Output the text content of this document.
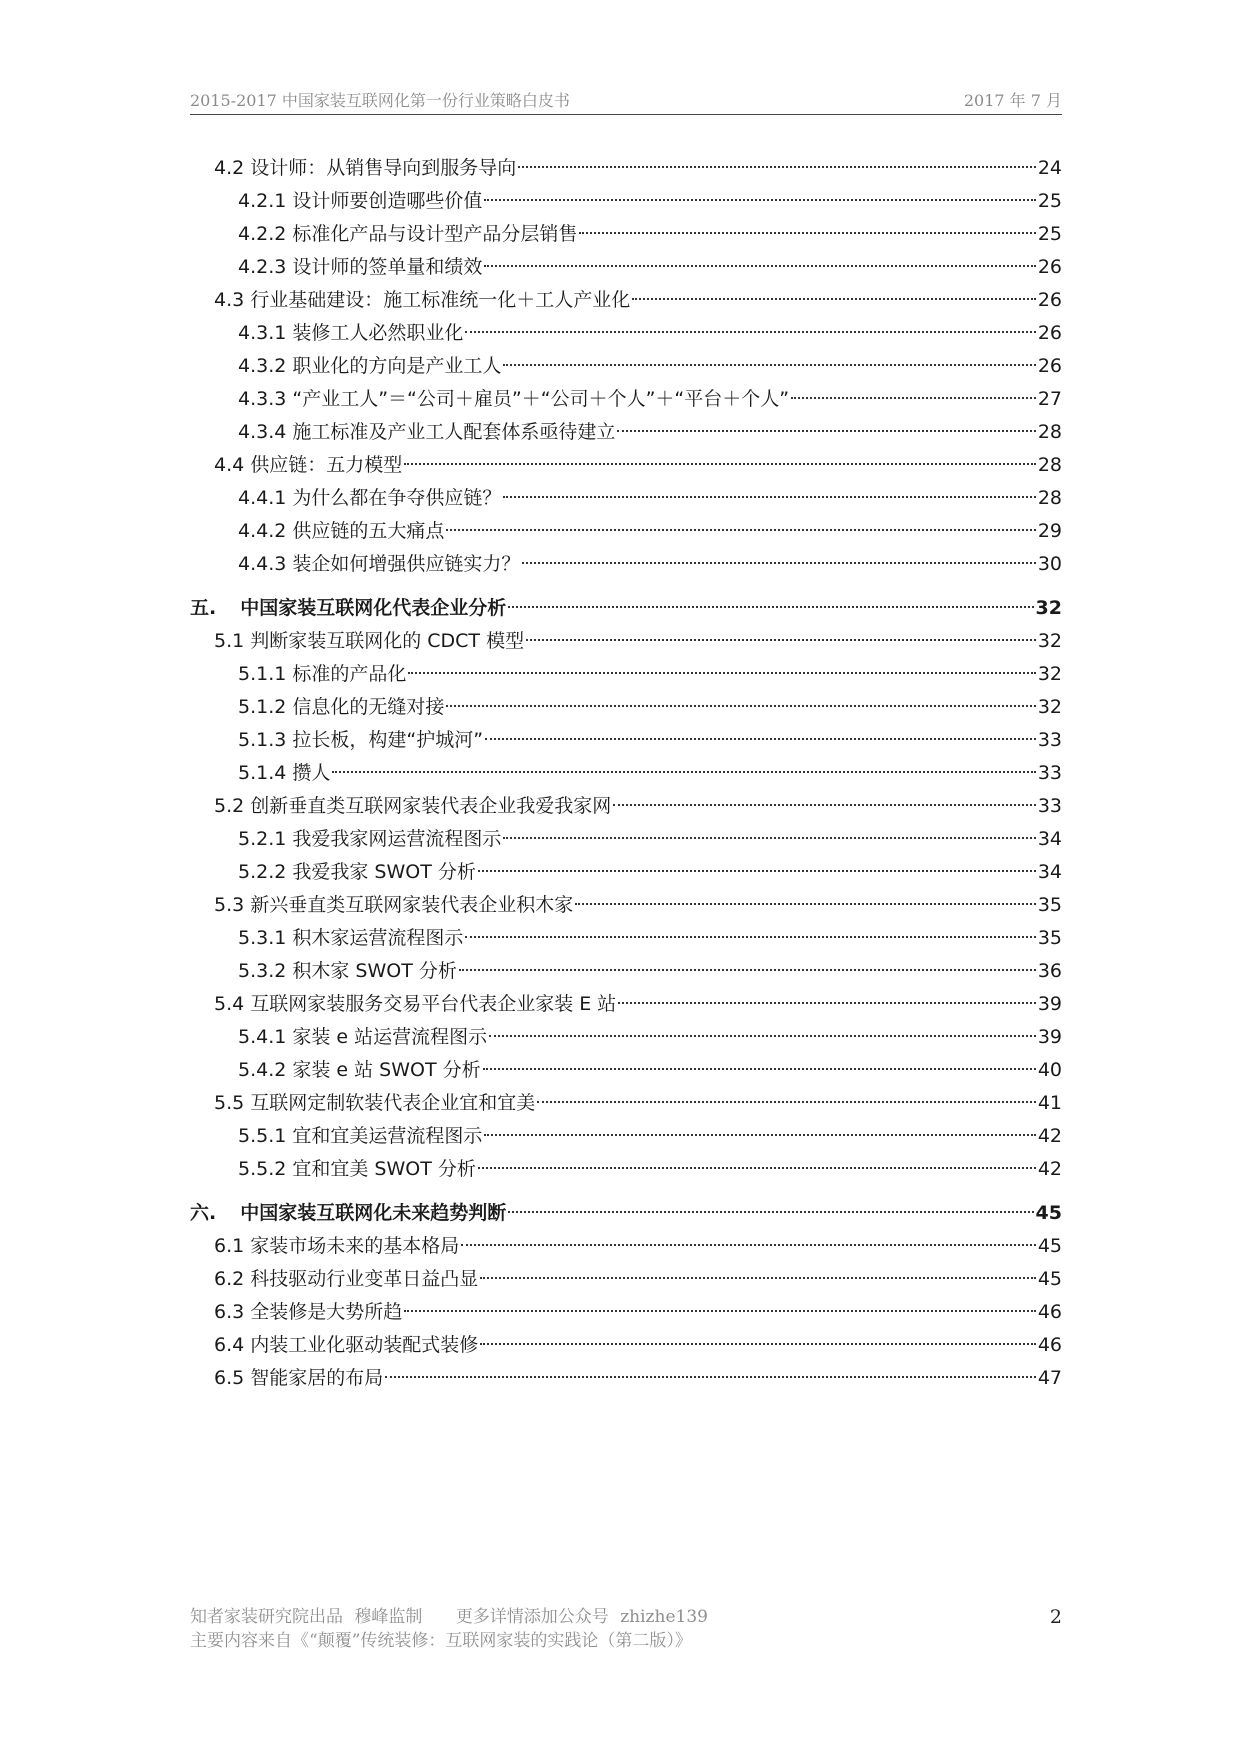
2015-2017 中国家装互联网化第一份行业策略白皮书	2017 年 7 月
4.2 设计师：从销售导向到服务导向	24
4.2.1 设计师要创造哪些价值	25
4.2.2 标准化产品与设计型产品分层销售	25
4.2.3 设计师的签单量和绩效	26
4.3 行业基础建设：施工标准统一化＋工人产业化	26
4.3.1 装修工人必然职业化	26
4.3.2 职业化的方向是产业工人	26
4.3.3 “产业工人”＝“公司＋雇员”＋“公司＋个人”＋“平台＋个人”	27
4.3.4 施工标准及产业工人配套体系亟待建立	28
4.4 供应链：五力模型	28
4.4.1 为什么都在争夺供应链？	28
4.4.2 供应链的五大痛点	29
4.4.3 装企如何增强供应链实力？	30
五. 中国家装互联网化代表企业分析	32
5.1 判断家装互联网化的 CDCT 模型	32
5.1.1 标准的产品化	32
5.1.2 信息化的无缝对接	32
5.1.3 拉长板，构建“护城河”	33
5.1.4 攒人	33
5.2 创新垂直类互联网家装代表企业我爱我家网	33
5.2.1 我爱我家网运营流程图示	34
5.2.2 我爱我家 SWOT 分析	34
5.3 新兴垂直类互联网家装代表企业积木家	35
5.3.1 积木家运营流程图示	35
5.3.2 积木家 SWOT 分析	36
5.4 互联网家装服务交易平台代表企业家装 E 站	39
5.4.1 家装 e 站运营流程图示	39
5.4.2 家装 e 站 SWOT 分析	40
5.5 互联网定制软装代表企业宜和宜美	41
5.5.1 宜和宜美运营流程图示	42
5.5.2 宜和宜美 SWOT 分析	42
六. 中国家装互联网化未来趋势判断	45
6.1 家装市场未来的基本格局	45
6.2 科技驱动行业变革日益凸显	45
6.3 全装修是大势所趋	46
6.4 内装工业化驱动装配式装修	46
6.5 智能家居的布局	47
知者家装研究院出品 穆峰监制 更多详情添加公众号 zhizhe139
主要内容来自《“颠覆”传统装修：互联网家装的实践论（第二版）》
2
